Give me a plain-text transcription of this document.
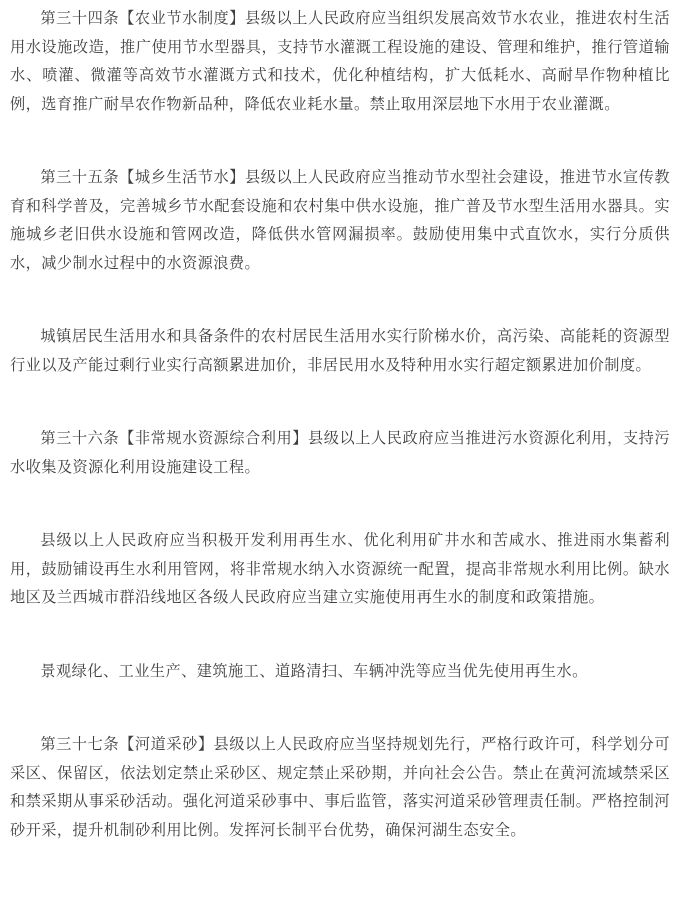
第三十四条【农业节水制度】县级以上人民政府应当组织发展高效节水农业，推进农村生活用水设施改造，推广使用节水型器具，支持节水灌溉工程设施的建设、管理和维护，推行管道输水、喷灌、微灌等高效节水灌溉方式和技术，优化种植结构，扩大低耗水、高耐旱作物种植比例，选育推广耐旱农作物新品种，降低农业耗水量。禁止取用深层地下水用于农业灌溉。

第三十五条【城乡生活节水】县级以上人民政府应当推动节水型社会建设，推进节水宣传教育和科学普及，完善城乡节水配套设施和农村集中供水设施，推广普及节水型生活用水器具。实施城乡老旧供水设施和管网改造，降低供水管网漏损率。鼓励使用集中式直饮水，实行分质供水，减少制水过程中的水资源浪费。

城镇居民生活用水和具备条件的农村居民生活用水实行阶梯水价，高污染、高能耗的资源型行业以及产能过剩行业实行高额累进加价，非居民用水及特种用水实行超定额累进加价制度。

第三十六条【非常规水资源综合利用】县级以上人民政府应当推进污水资源化利用，支持污水收集及资源化利用设施建设工程。

县级以上人民政府应当积极开发利用再生水、优化利用矿井水和苦咸水、推进雨水集蓄利用，鼓励铺设再生水利用管网，将非常规水纳入水资源统一配置，提高非常规水利用比例。缺水地区及兰西城市群沿线地区各级人民政府应当建立实施使用再生水的制度和政策措施。

景观绿化、工业生产、建筑施工、道路清扫、车辆冲洗等应当优先使用再生水。

第三十七条【河道采砂】县级以上人民政府应当坚持规划先行，严格行政许可，科学划分可采区、保留区，依法划定禁止采砂区、规定禁止采砂期，并向社会公告。禁止在黄河流域禁采区和禁采期从事采砂活动。强化河道采砂事中、事后监管，落实河道采砂管理责任制。严格控制河砂开采，提升机制砂利用比例。发挥河长制平台优势，确保河湖生态安全。
